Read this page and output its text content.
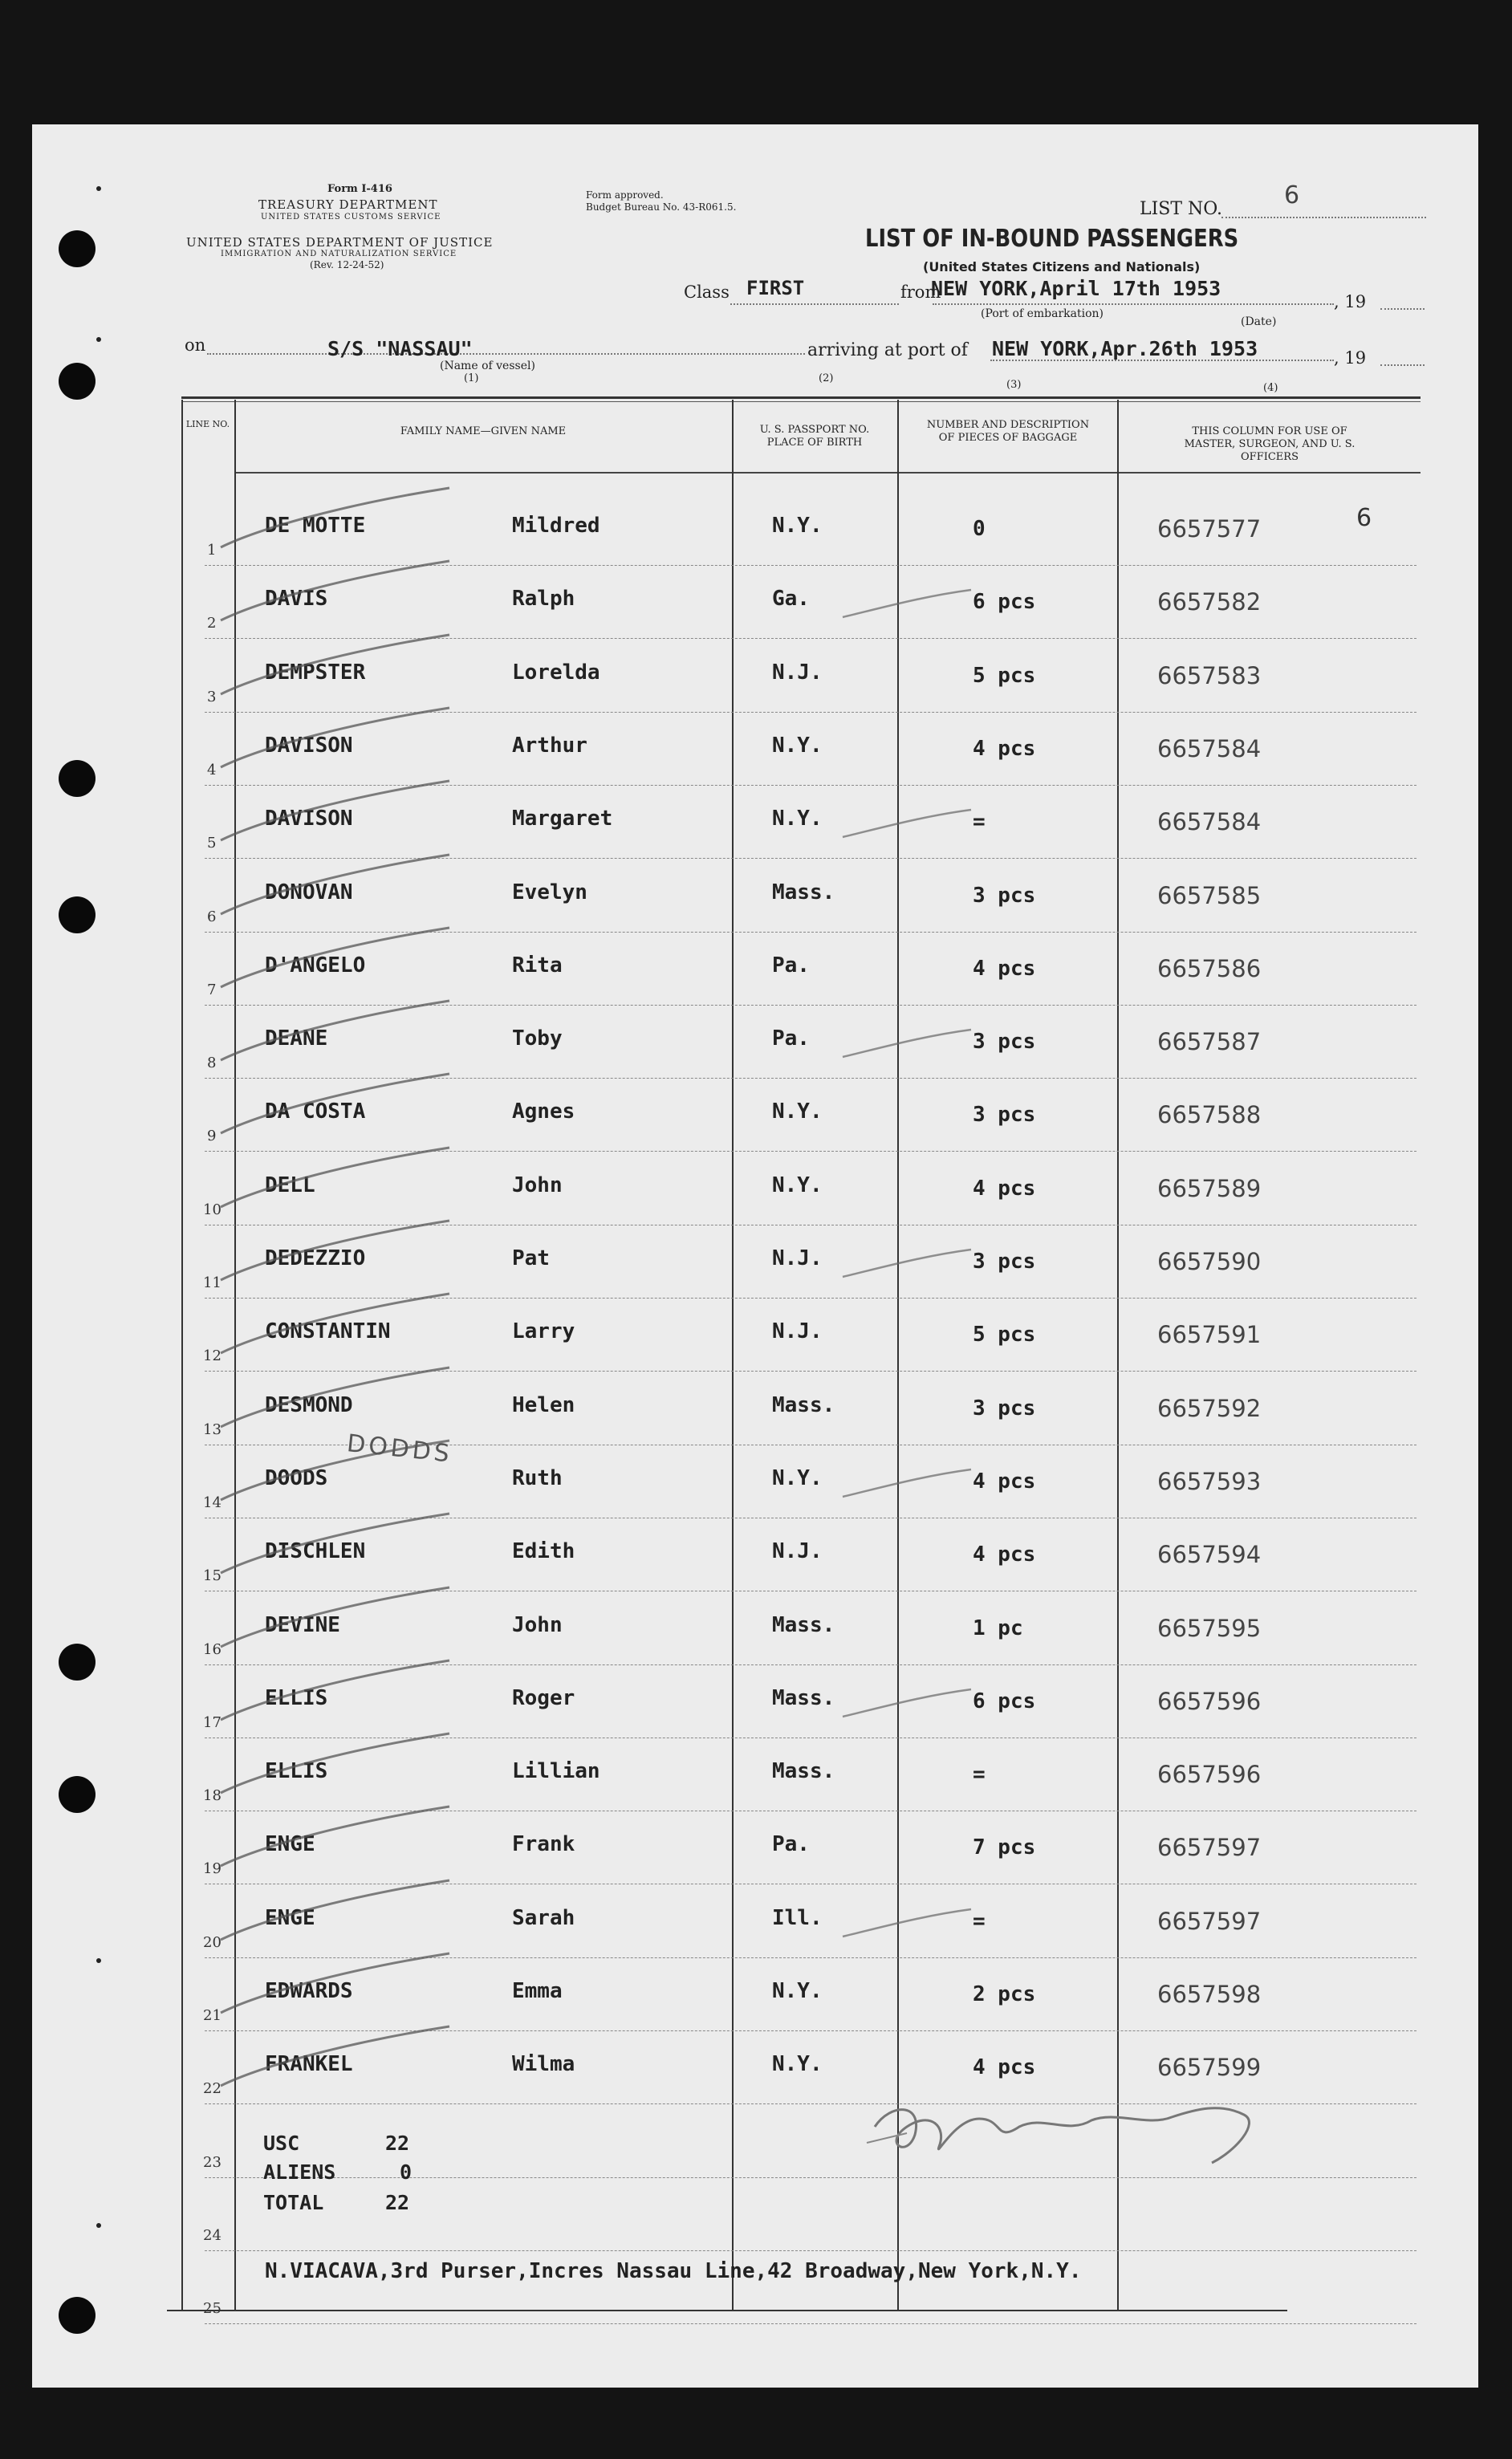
Form I-416
TREASURY DEPARTMENT
UNITED STATES CUSTOMS SERVICE
UNITED STATES DEPARTMENT OF JUSTICE
IMMIGRATION AND NATURALIZATION SERVICE
(Rev. 12-24-52)
Form approved.
Budget Bureau No. 43-R061.5.	LIST NO.	6
LIST OF IN-BOUND PASSENGERS
(United States Citizens and Nationals)
Class FIRST	from
NEW YORK,April 17th 1953
, 19
(Port of embarkation)
(Date)
on	S/S "NASSAU"
(Name of vessel)
arriving at port of NEW YORK,Apr.26th 1953	, 19
(1)	(2)
(3)	(4)
LINE NO.
FAMILY NAME—GIVEN NAME	U. S. PASSPORT NO. PLACE OF BIRTH
NUMBER AND DESCRIPTION OF PIECES OF BAGGAGE
THIS COLUMN FOR USE OF MASTER, SURGEON, AND U. S. OFFICERS
1
DE MOTTE	Mildred	N.Y.	0	6657577
2
DAVIS	Ralph	Ga.	6 pcs	6657582
3
DEMPSTER	Lorelda	N.J.	5 pcs	6657583
4
DAVISON	Arthur	N.Y.	4 pcs	6657584
5
DAVISON	Margaret	N.Y.	=	6657584
6
DONOVAN	Evelyn	Mass.	3 pcs	6657585
7
D'ANGELO	Rita	Pa.	4 pcs	6657586
8
DEANE	Toby	Pa.	3 pcs	6657587
9
DA COSTA	Agnes	N.Y.	3 pcs	6657588
10
DELL	John	N.Y.	4 pcs	6657589
11
DEDEZZIO	Pat	N.J.	3 pcs	6657590
12
CONSTANTIN	Larry	N.J.	5 pcs	6657591
13
DESMOND	Helen	Mass.	3 pcs	6657592
14
DOODS	Ruth	N.Y.	4 pcs	6657593
15
DISCHLEN	Edith	N.J.	4 pcs	6657594
16
DEVINE	John	Mass.	1 pc	6657595
17
ELLIS	Roger	Mass.	6 pcs	6657596
18
ELLIS	Lillian	Mass.	=	6657596
19
ENGE	Frank	Pa.	7 pcs	6657597
20
ENGE	Sarah	Ill.	=	6657597
21
EDWARDS	Emma	N.Y.	2 pcs	6657598
22
FRANKEL	Wilma	N.Y.	4 pcs	6657599
23
24
25
6
DODDS
USC	22
ALIENS	0
TOTAL	22
N.VIACAVA,3rd Purser,Incres Nassau Line,42 Broadway,New York,N.Y.
